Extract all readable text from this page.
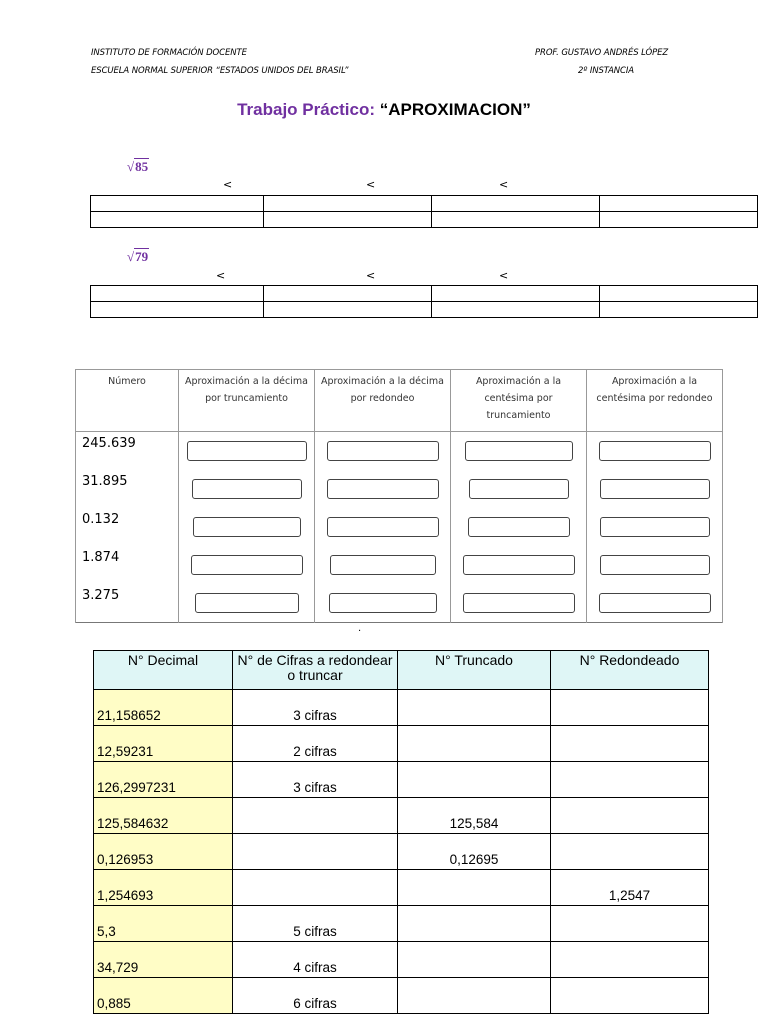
INSTITUTO DE FORMACIÓN DOCENTE
ESCUELA NORMAL SUPERIOR “ESTADOS UNIDOS DEL BRASIL”
PROF. GUSTAVO ANDRÉS LÓPEZ
2º INSTANCIA
Trabajo Práctico: “APROXIMACION”
√85
<	<	<

√79
<	<	<

Número	Aproximación a la décima por truncamiento	Aproximación a la décima por redondeo	Aproximación a la centésima por truncamiento	Aproximación a la centésima por redondeo
245.639	

31.895	

0.132	

1.874	

3.275	

.
N° Decimal	N° de Cifras a redondear o truncar	N° Truncado	N° Redondeado
21,158652	3 cifras		
12,59231	2 cifras		
126,2997231	3 cifras		
125,584632		125,584	
0,126953		0,12695	
1,254693			1,2547
5,3	5 cifras		
34,729	4 cifras		
0,885	6 cifras		
